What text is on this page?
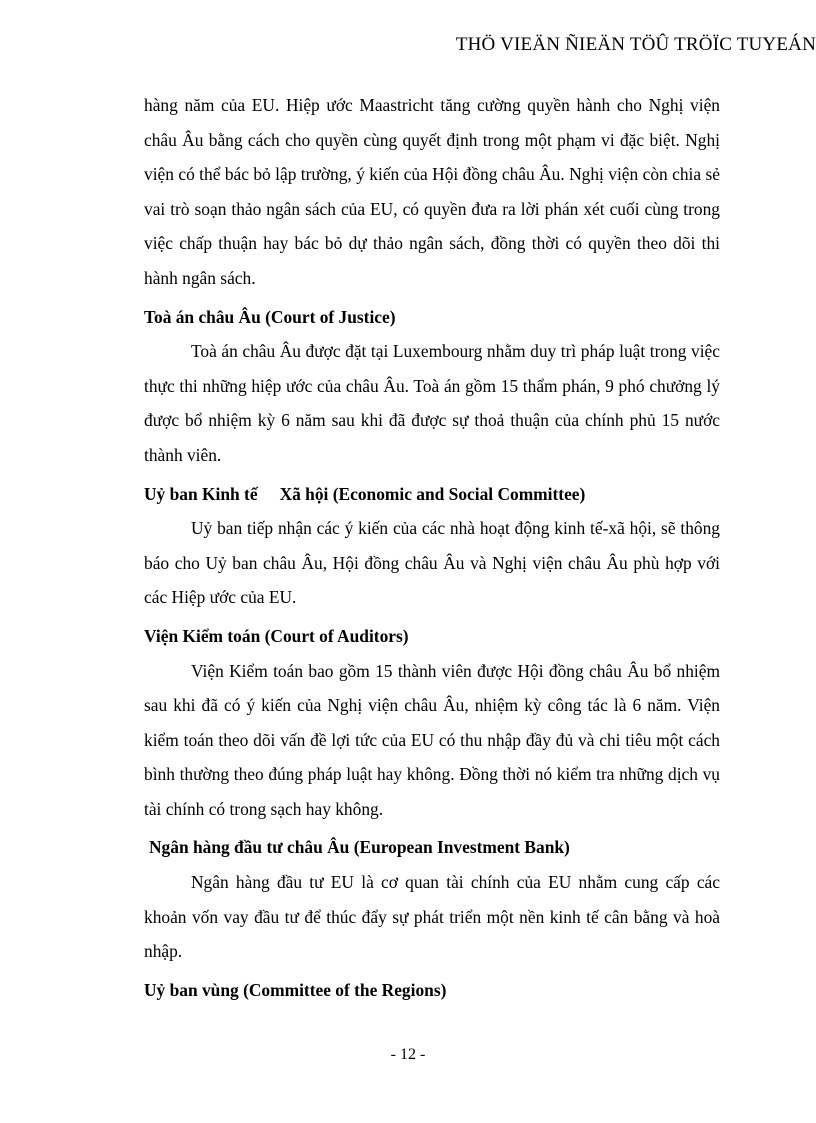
THÖ VIEÄN ÑIEÄN TÖÛ TRÖÏC TUYEÁN

hàng năm của EU. Hiệp ước Maastricht tăng cường quyền hành cho Nghị viện châu Âu bằng cách cho quyền cùng quyết định trong một phạm vi đặc biệt. Nghị viện có thể bác bỏ lập trường, ý kiến của Hội đồng châu Âu. Nghị viện còn chia sẻ vai trò soạn thảo ngân sách của EU, có quyền đưa ra lời phán xét cuối cùng trong việc chấp thuận hay bác bỏ dự thảo ngân sách, đồng thời có quyền theo dõi thi hành ngân sách.

Toà án châu Âu (Court of Justice)

Toà án châu Âu được đặt tại Luxembourg nhằm duy trì pháp luật trong việc thực thi những hiệp ước của châu Âu. Toà án gồm 15 thẩm phán, 9 phó chưởng lý được bổ nhiệm kỳ 6 năm sau khi đã được sự thoả thuận của chính phủ 15 nước thành viên.

Uỷ ban Kinh tế Xã hội (Economic and Social Committee)

Uỷ ban tiếp nhận các ý kiến của các nhà hoạt động kinh tế-xã hội, sẽ thông báo cho Uỷ ban châu Âu, Hội đồng châu Âu và Nghị viện châu Âu phù hợp với các Hiệp ước của EU.

Viện Kiểm toán (Court of Auditors)

Viện Kiểm toán bao gồm 15 thành viên được Hội đồng châu Âu bổ nhiệm sau khi đã có ý kiến của Nghị viện châu Âu, nhiệm kỳ công tác là 6 năm. Viện kiểm toán theo dõi vấn đề lợi tức của EU có thu nhập đầy đủ và chi tiêu một cách bình thường theo đúng pháp luật hay không. Đồng thời nó kiểm tra những dịch vụ tài chính có trong sạch hay không.

Ngân hàng đầu tư châu Âu (European Investment Bank)

Ngân hàng đầu tư EU là cơ quan tài chính của EU nhằm cung cấp các khoản vốn vay đầu tư để thúc đẩy sự phát triển một nền kinh tế cân bằng và hoà nhập.

Uỷ ban vùng (Committee of the Regions)
- 12 -
